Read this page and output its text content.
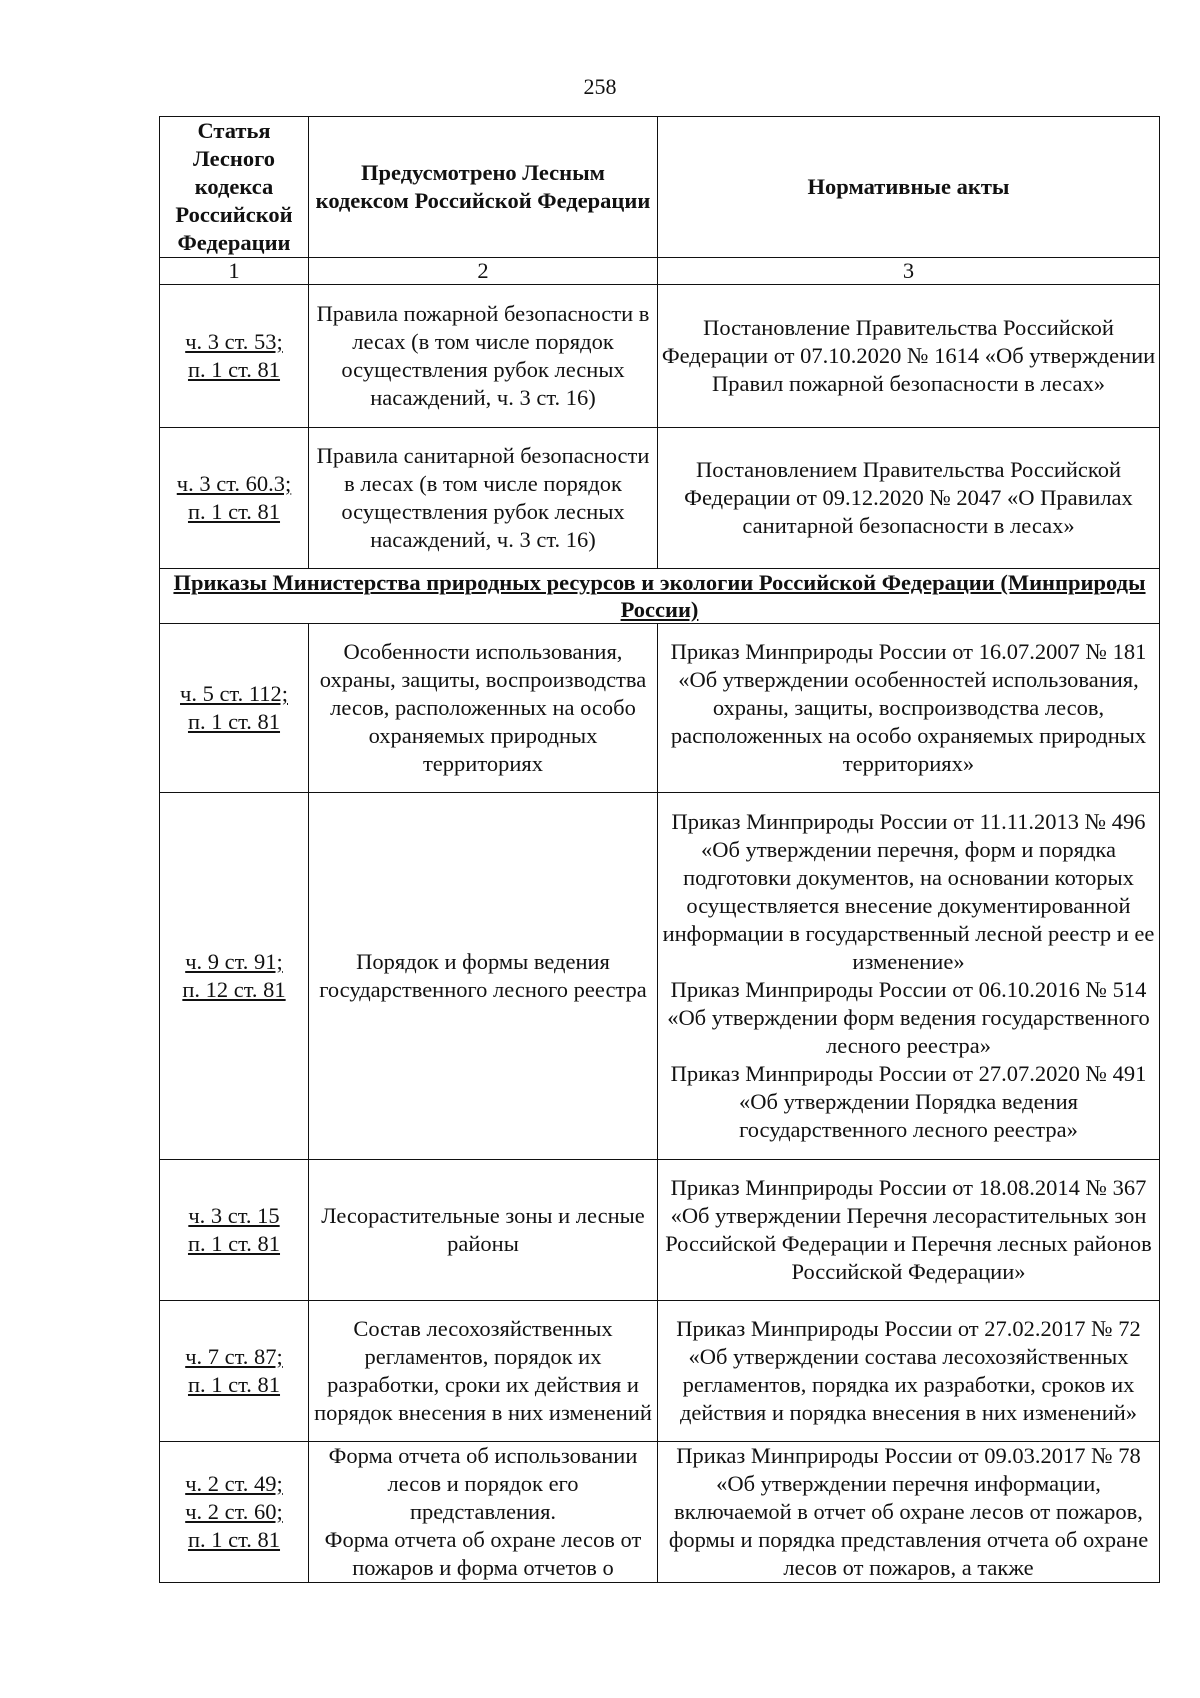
258
Статья Лесного кодекса Российской Федерации	Предусмотрено Лесным кодексом Российской Федерации	Нормативные акты
1	2	3

ч. 3 ст. 53;
п. 1 ст. 81	Правила пожарной безопасности в лесах (в том числе порядок осуществления рубок лесных насаждений, ч. 3 ст. 16)	Постановление Правительства Российской Федерации от 07.10.2020 № 1614 «Об утверждении Правил пожарной безопасности в лесах»

ч. 3 ст. 60.3;
п. 1 ст. 81	Правила санитарной безопасности в лесах (в том числе порядок осуществления рубок лесных насаждений, ч. 3 ст. 16)	Постановлением Правительства Российской Федерации от 09.12.2020 № 2047 «О Правилах санитарной безопасности в лесах»
Приказы Министерства природных ресурсов и экологии Российской Федерации (Минприроды России)		

ч. 5 ст. 112;
п. 1 ст. 81	Особенности использования, охраны, защиты, воспроизводства лесов, расположенных на особо охраняемых природных территориях	Приказ Минприроды России от 16.07.2007 № 181 «Об утверждении особенностей использования, охраны, защиты, воспроизводства лесов, расположенных на особо охраняемых природных территориях»

ч. 9 ст. 91;
п. 12 ст. 81	Порядок и формы ведения государственного лесного реестра	Приказ Минприроды России от 11.11.2013 № 496 «Об утверждении перечня, форм и порядка подготовки документов, на основании которых осуществляется внесение документированной информации в государственный лесной реестр и ее изменение»
Приказ Минприроды России от 06.10.2016 № 514 «Об утверждении форм ведения государственного лесного реестра»
Приказ Минприроды России от 27.07.2020 № 491 «Об утверждении Порядка ведения государственного лесного реестра»

ч. 3 ст. 15
п. 1 ст. 81	Лесорастительные зоны и лесные районы	Приказ Минприроды России от 18.08.2014 № 367 «Об утверждении Перечня лесорастительных зон Российской Федерации и Перечня лесных районов Российской Федерации»

ч. 7 ст. 87;
п. 1 ст. 81	Состав лесохозяйственных регламентов, порядок их разработки, сроки их действия и порядок внесения в них изменений	Приказ Минприроды России от 27.02.2017 № 72 «Об утверждении состава лесохозяйственных регламентов, порядка их разработки, сроков их действия и порядка внесения в них изменений»

ч. 2 ст. 49;
ч. 2 ст. 60;
п. 1 ст. 81	Форма отчета об использовании лесов и порядок его представления.
Форма отчета об охране лесов от пожаров и форма отчетов о	Приказ Минприроды России от 09.03.2017 № 78 «Об утверждении перечня информации, включаемой в отчет об охране лесов от пожаров, формы и порядка представления отчета об охране лесов от пожаров, а также
